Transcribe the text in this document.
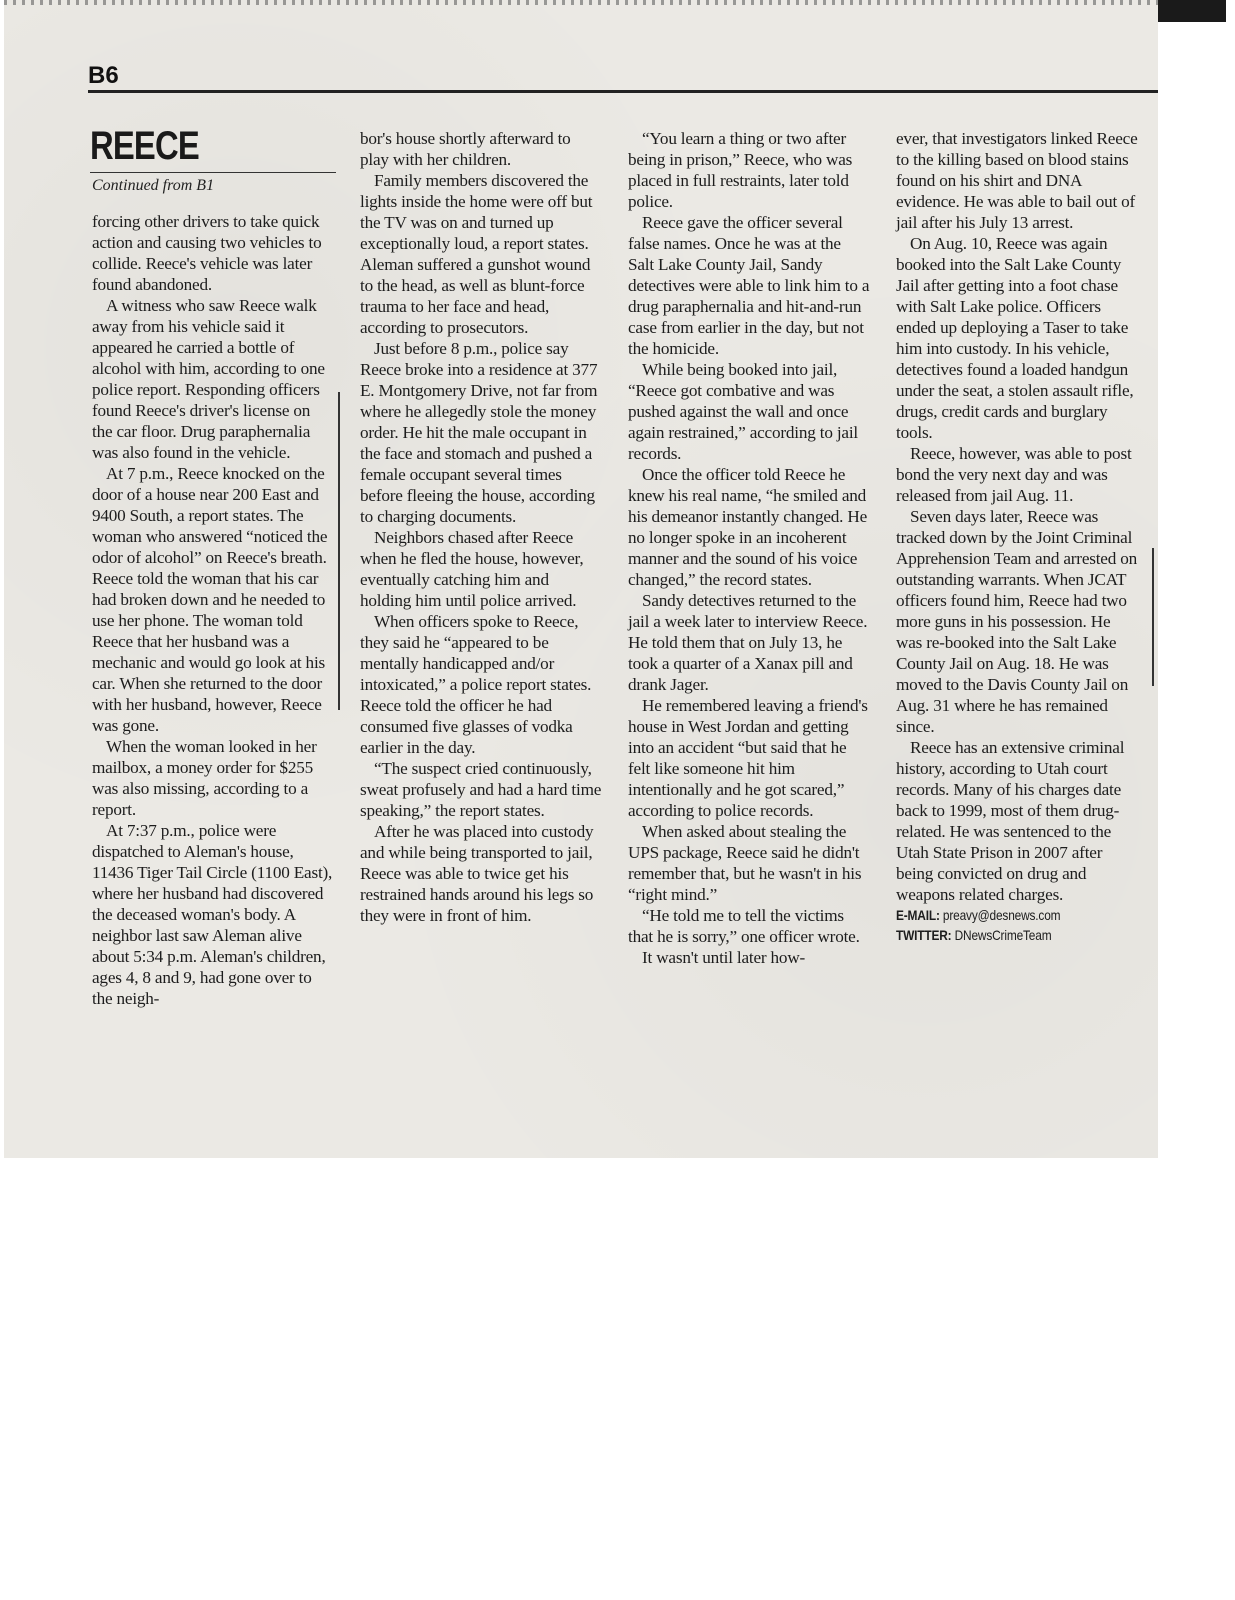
B6
REECE

Continued from B1

forcing other drivers to take quick action and causing two vehicles to collide. Reece's vehicle was later found abandoned.

A witness who saw Reece walk away from his vehicle said it appeared he carried a bottle of alcohol with him, according to one police report. Responding officers found Reece's driver's license on the car floor. Drug paraphernalia was also found in the vehicle.

At 7 p.m., Reece knocked on the door of a house near 200 East and 9400 South, a report states. The woman who answered “noticed the odor of alcohol” on Reece's breath. Reece told the woman that his car had broken down and he needed to use her phone. The woman told Reece that her husband was a mechanic and would go look at his car. When she returned to the door with her husband, however, Reece was gone.

When the woman looked in her mailbox, a money order for $255 was also missing, according to a report.

At 7:37 p.m., police were dispatched to Aleman's house, 11436 Tiger Tail Circle (1100 East), where her husband had discovered the deceased woman's body. A neighbor last saw Aleman alive about 5:34 p.m. Aleman's children, ages 4, 8 and 9, had gone over to the neigh-

bor's house shortly afterward to play with her children.

Family members discovered the lights inside the home were off but the TV was on and turned up exceptionally loud, a report states. Aleman suffered a gunshot wound to the head, as well as blunt-force trauma to her face and head, according to prosecutors.

Just before 8 p.m., police say Reece broke into a residence at 377 E. Montgomery Drive, not far from where he allegedly stole the money order. He hit the male occupant in the face and stomach and pushed a female occupant several times before fleeing the house, according to charging documents.

Neighbors chased after Reece when he fled the house, however, eventually catching him and holding him until police arrived.

When officers spoke to Reece, they said he “appeared to be mentally handicapped and/or intoxicated,” a police report states. Reece told the officer he had consumed five glasses of vodka earlier in the day.

“The suspect cried continuously, sweat profusely and had a hard time speaking,” the report states.

After he was placed into custody and while being transported to jail, Reece was able to twice get his restrained hands around his legs so they were in front of him.

“You learn a thing or two after being in prison,” Reece, who was placed in full restraints, later told police.

Reece gave the officer several false names. Once he was at the Salt Lake County Jail, Sandy detectives were able to link him to a drug paraphernalia and hit-and-run case from earlier in the day, but not the homicide.

While being booked into jail, “Reece got combative and was pushed against the wall and once again restrained,” according to jail records.

Once the officer told Reece he knew his real name, “he smiled and his demeanor instantly changed. He no longer spoke in an incoherent manner and the sound of his voice changed,” the record states.

Sandy detectives returned to the jail a week later to interview Reece. He told them that on July 13, he took a quarter of a Xanax pill and drank Jager.

He remembered leaving a friend's house in West Jordan and getting into an accident “but said that he felt like someone hit him intentionally and he got scared,” according to police records.

When asked about stealing the UPS package, Reece said he didn't remember that, but he wasn't in his “right mind.”

“He told me to tell the victims that he is sorry,” one officer wrote.

It wasn't until later how-

ever, that investigators linked Reece to the killing based on blood stains found on his shirt and DNA evidence. He was able to bail out of jail after his July 13 arrest.

On Aug. 10, Reece was again booked into the Salt Lake County Jail after getting into a foot chase with Salt Lake police. Officers ended up deploying a Taser to take him into custody. In his vehicle, detectives found a loaded handgun under the seat, a stolen assault rifle, drugs, credit cards and burglary tools.

Reece, however, was able to post bond the very next day and was released from jail Aug. 11.

Seven days later, Reece was tracked down by the Joint Criminal Apprehension Team and arrested on outstanding warrants. When JCAT officers found him, Reece had two more guns in his possession. He was re-booked into the Salt Lake County Jail on Aug. 18. He was moved to the Davis County Jail on Aug. 31 where he has remained since.

Reece has an extensive criminal history, according to Utah court records. Many of his charges date back to 1999, most of them drug-related. He was sentenced to the Utah State Prison in 2007 after being convicted on drug and weapons related charges.

E-MAIL: preavy@desnews.com
TWITTER: DNewsCrimeTeam
